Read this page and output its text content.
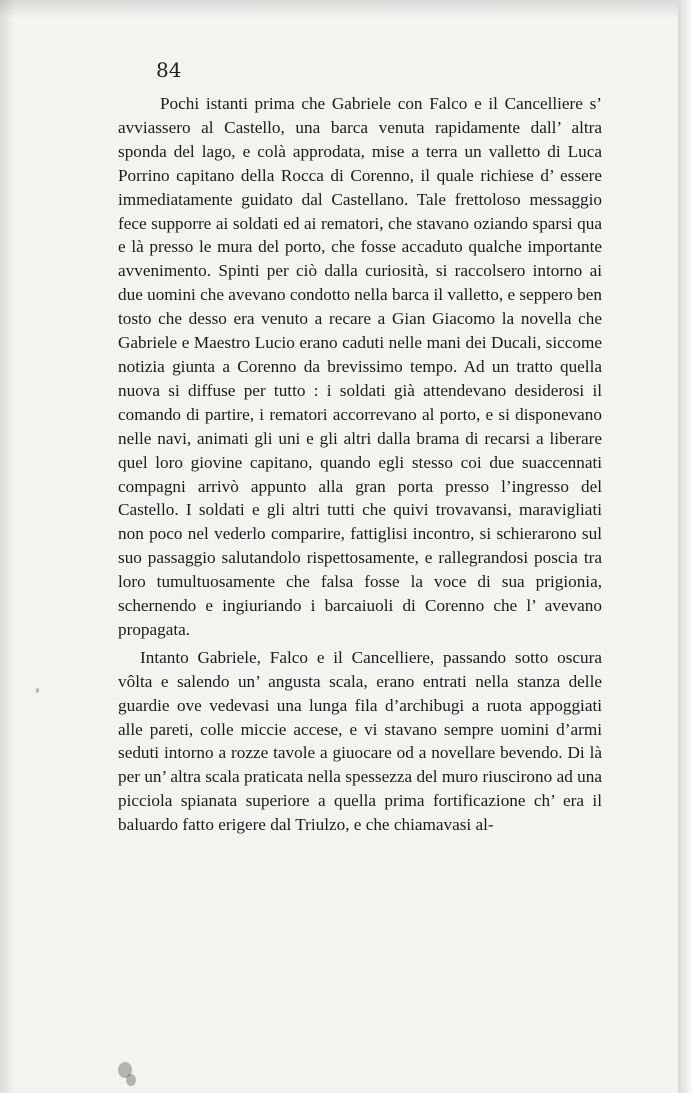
84

Pochi istanti prima che Gabriele con Falco e il Cancelliere s’ avviassero al Castello, una barca venuta rapidamente dall’ altra sponda del lago, e colà approdata, mise a terra un valletto di Luca Porrino capitano della Rocca di Corenno, il quale richiese d’ essere immediatamente guidato dal Castellano. Tale frettoloso messaggio fece supporre ai soldati ed ai rematori, che stavano oziando sparsi qua e là presso le mura del porto, che fosse accaduto qualche importante avvenimento. Spinti per ciò dalla curiosità, si raccolsero intorno ai due uomini che avevano condotto nella barca il valletto, e seppero ben tosto che desso era venuto a recare a Gian Giacomo la novella che Gabriele e Maestro Lucio erano caduti nelle mani dei Ducali, siccome notizia giunta a Corenno da brevissimo tempo. Ad un tratto quella nuova si diffuse per tutto : i soldati già attendevano desiderosi il comando di partire, i rematori accorrevano al porto, e si disponevano nelle navi, animati gli uni e gli altri dalla brama di recarsi a liberare quel loro giovine capitano, quando egli stesso coi due suaccennati compagni arrivò appunto alla gran porta presso l’ingresso del Castello. I soldati e gli altri tutti che quivi trovavansi, maravigliati non poco nel vederlo comparire, fattiglisi incontro, si schierarono sul suo passaggio salutandolo rispettosamente, e rallegrandosi poscia tra loro tumultuosamente che falsa fosse la voce di sua prigionia, schernendo e ingiuriando i barcaiuoli di Corenno che l’ avevano propagata.

Intanto Gabriele, Falco e il Cancelliere, passando sotto oscura vôlta e salendo un’ angusta scala, erano entrati nella stanza delle guardie ove vedevasi una lunga fila d’archibugi a ruota appoggiati alle pareti, colle miccie accese, e vi stavano sempre uomini d’armi seduti intorno a rozze tavole a giuocare od a novellare bevendo. Di là per un’ altra scala praticata nella spessezza del muro riuscirono ad una picciola spianata superiore a quella prima fortificazione ch’ era il baluardo fatto erigere dal Triulzo, e che chiamavasi al-
